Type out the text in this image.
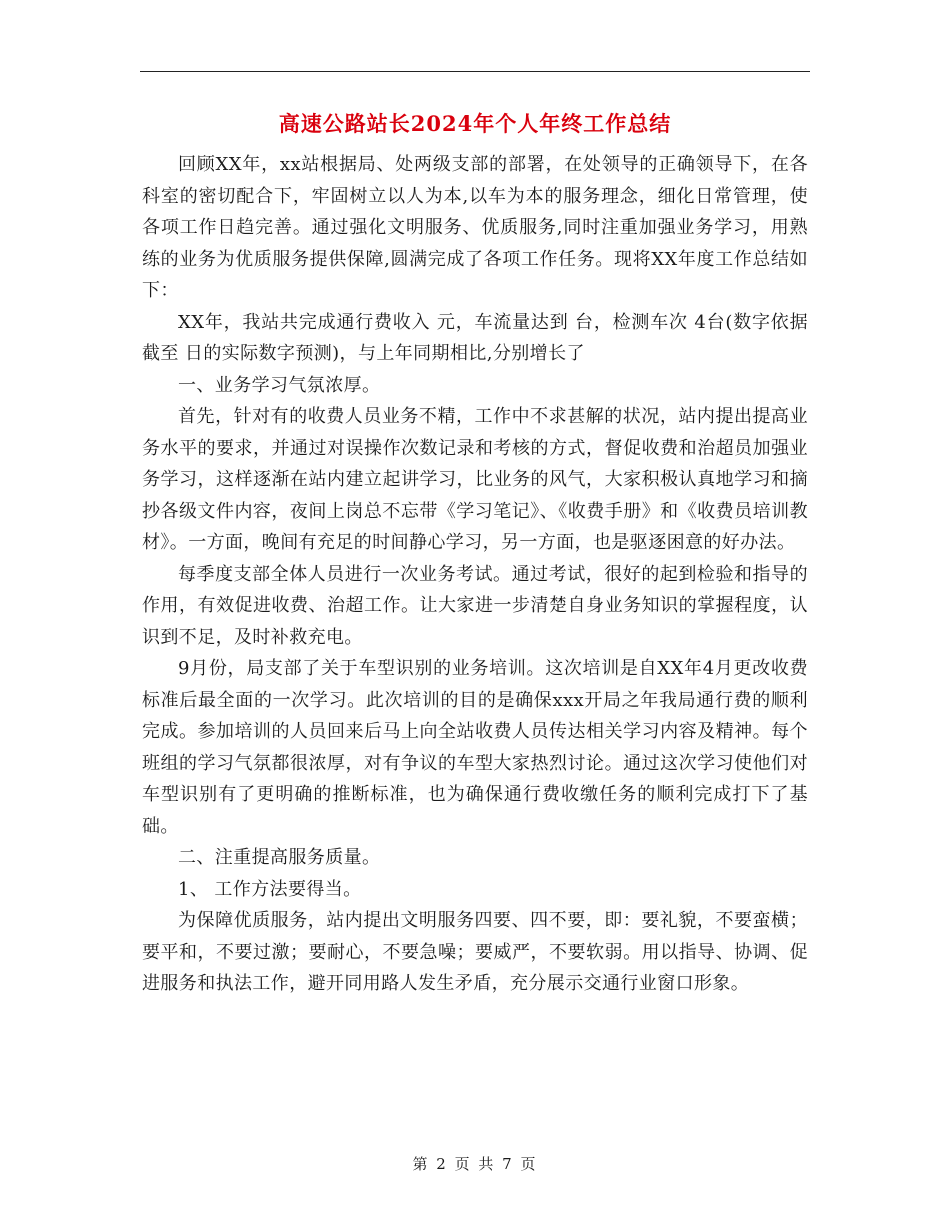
高速公路站长2024年个人年终工作总结

回顾XX年，xx站根据局、处两级支部的部署，在处领导的正确领导下，在各科室的密切配合下，牢固树立以人为本,以车为本的服务理念，细化日常管理，使各项工作日趋完善。通过强化文明服务、优质服务,同时注重加强业务学习，用熟练的业务为优质服务提供保障,圆满完成了各项工作任务。现将XX年度工作总结如下：

XX年，我站共完成通行费收入 元，车流量达到 台，检测车次 4台(数字依据截至 日的实际数字预测)，与上年同期相比,分别增长了

一、业务学习气氛浓厚。

首先，针对有的收费人员业务不精，工作中不求甚解的状况，站内提出提高业务水平的要求，并通过对误操作次数记录和考核的方式，督促收费和治超员加强业务学习，这样逐渐在站内建立起讲学习，比业务的风气，大家积极认真地学习和摘抄各级文件内容，夜间上岗总不忘带《学习笔记》、《收费手册》和《收费员培训教材》。一方面，晚间有充足的时间静心学习，另一方面，也是驱逐困意的好办法。

每季度支部全体人员进行一次业务考试。通过考试，很好的起到检验和指导的作用，有效促进收费、治超工作。让大家进一步清楚自身业务知识的掌握程度，认识到不足，及时补救充电。

9月份，局支部了关于车型识别的业务培训。这次培训是自XX年4月更改收费标准后最全面的一次学习。此次培训的目的是确保xxx开局之年我局通行费的顺利完成。参加培训的人员回来后马上向全站收费人员传达相关学习内容及精神。每个班组的学习气氛都很浓厚，对有争议的车型大家热烈讨论。通过这次学习使他们对车型识别有了更明确的推断标准，也为确保通行费收缴任务的顺利完成打下了基础。

二、注重提高服务质量。

1、 工作方法要得当。

为保障优质服务，站内提出文明服务四要、四不要，即：要礼貌，不要蛮横；要平和，不要过激；要耐心，不要急噪；要威严，不要软弱。用以指导、协调、促进服务和执法工作，避开同用路人发生矛盾，充分展示交通行业窗口形象。

第 2 页 共 7 页
